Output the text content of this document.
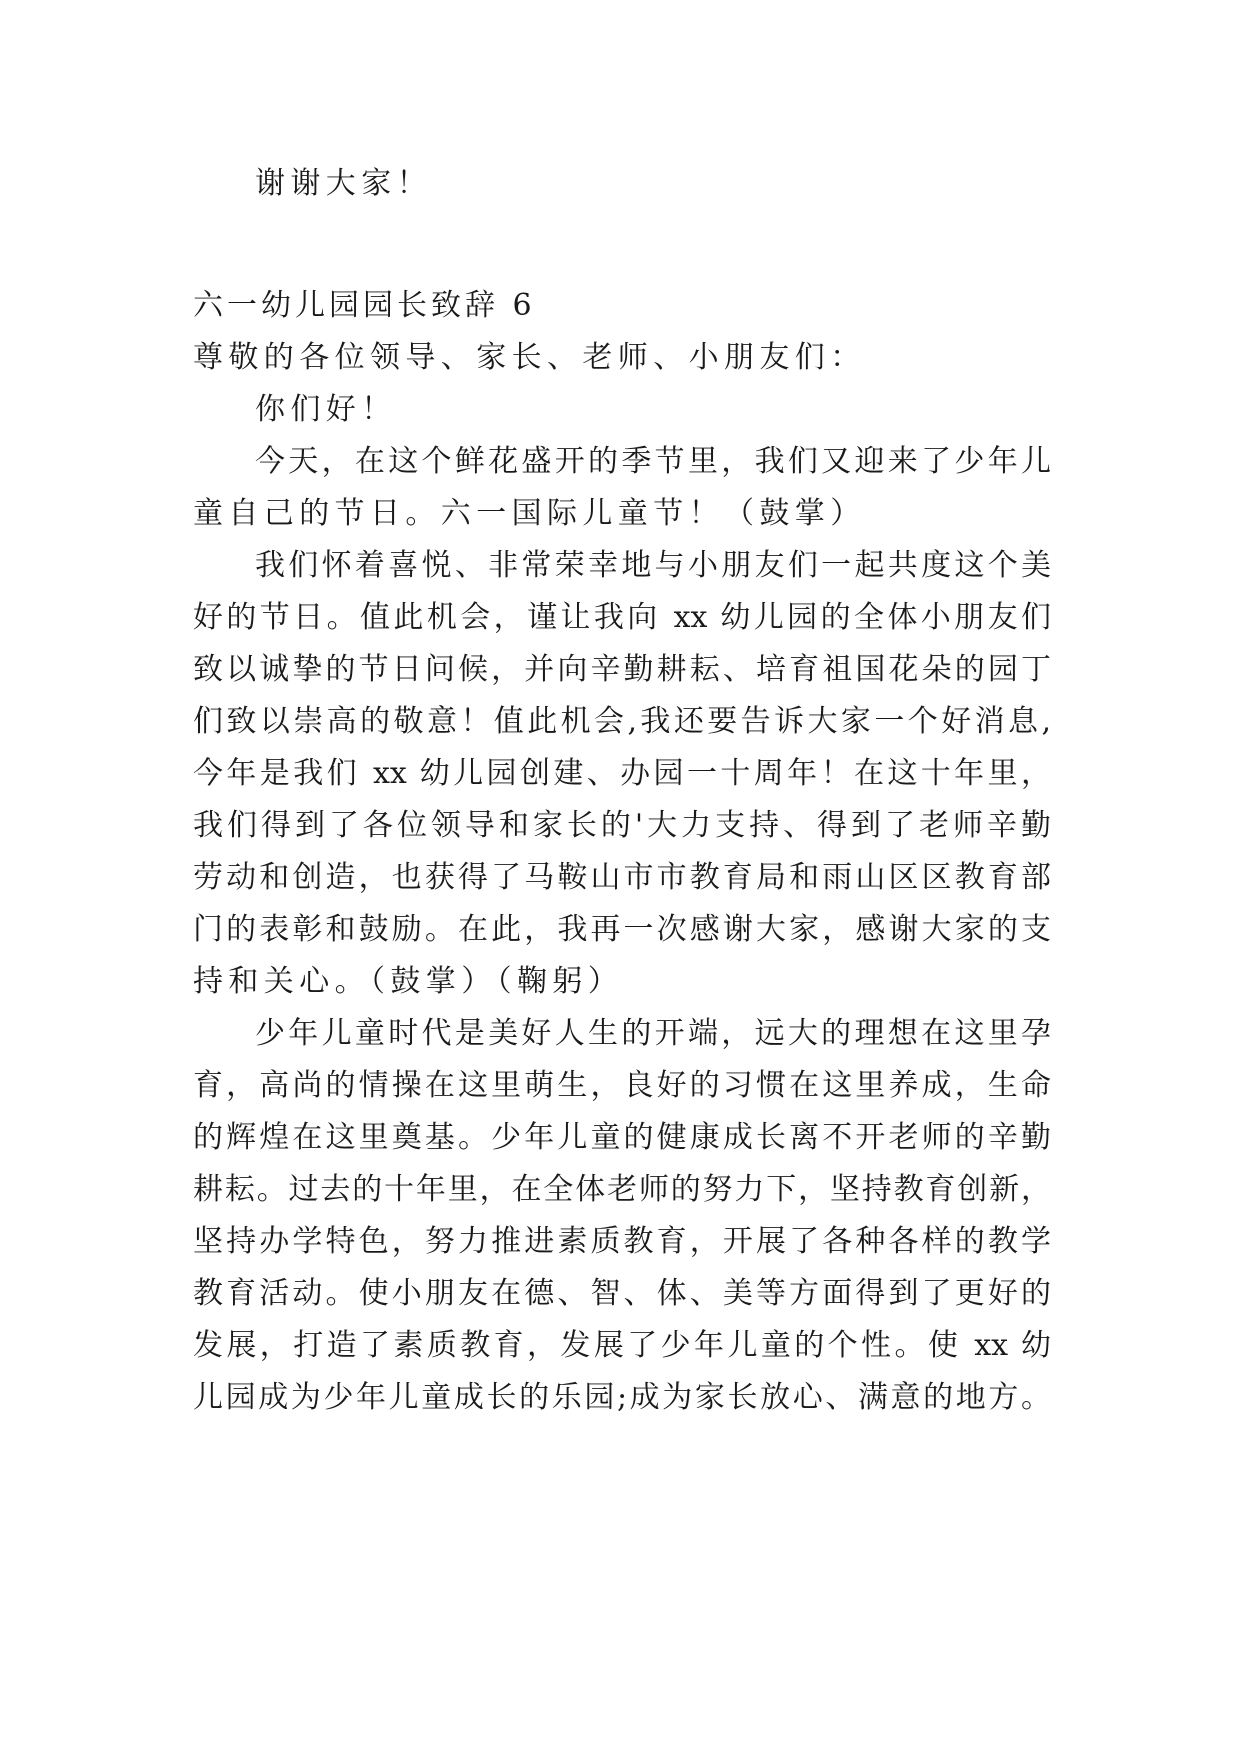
谢谢大家！
六一幼儿园园长致辞 6
尊敬的各位领导、家长、老师、小朋友们：
你们好！
今天，在这个鲜花盛开的季节里，我们又迎来了少年儿
童自己的节日。六一国际儿童节！（鼓掌）
我们怀着喜悦、非常荣幸地与小朋友们一起共度这个美
好的节日。值此机会，谨让我向 xx 幼儿园的全体小朋友们
致以诚挚的节日问候，并向辛勤耕耘、培育祖国花朵的园丁
们致以崇高的敬意！值此机会,我还要告诉大家一个好消息,
今年是我们 xx 幼儿园创建、办园一十周年！在这十年里，
我们得到了各位领导和家长的'大力支持、得到了老师辛勤
劳动和创造，也获得了马鞍山市市教育局和雨山区区教育部
门的表彰和鼓励。在此，我再一次感谢大家，感谢大家的支
持和关心。（鼓掌）（鞠躬）
少年儿童时代是美好人生的开端，远大的理想在这里孕
育，高尚的情操在这里萌生，良好的习惯在这里养成，生命
的辉煌在这里奠基。少年儿童的健康成长离不开老师的辛勤
耕耘。过去的十年里，在全体老师的努力下，坚持教育创新，
坚持办学特色，努力推进素质教育，开展了各种各样的教学
教育活动。使小朋友在德、智、体、美等方面得到了更好的
发展，打造了素质教育，发展了少年儿童的个性。使 xx 幼
儿园成为少年儿童成长的乐园;成为家长放心、满意的地方。
